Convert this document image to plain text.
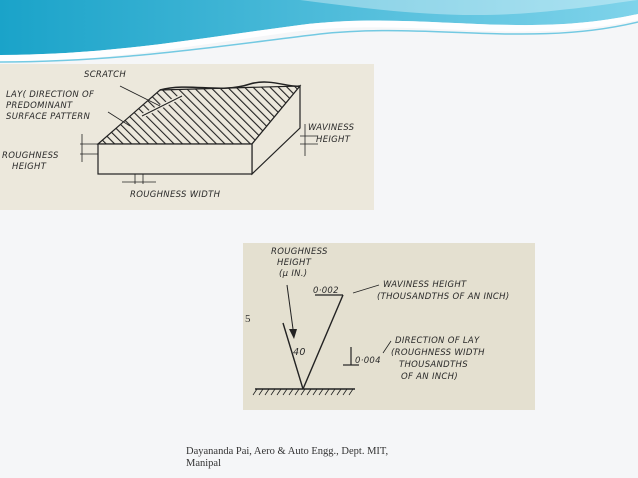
SCRATCH
LAY( DIRECTION OF
PREDOMINANT
SURFACE PATTERN
ROUGHNESS
HEIGHT
WAVINESS
HEIGHT
ROUGHNESS WIDTH
ROUGHNESS
HEIGHT
(μ IN.)
0·002
WAVINESS HEIGHT
(THOUSANDTHS OF AN INCH)
40
0·004
DIRECTION OF LAY
(ROUGHNESS WIDTH
THOUSANDTHS
OF AN INCH)
5
Dayananda Pai, Aero & Auto Engg., Dept. MIT,
Manipal
